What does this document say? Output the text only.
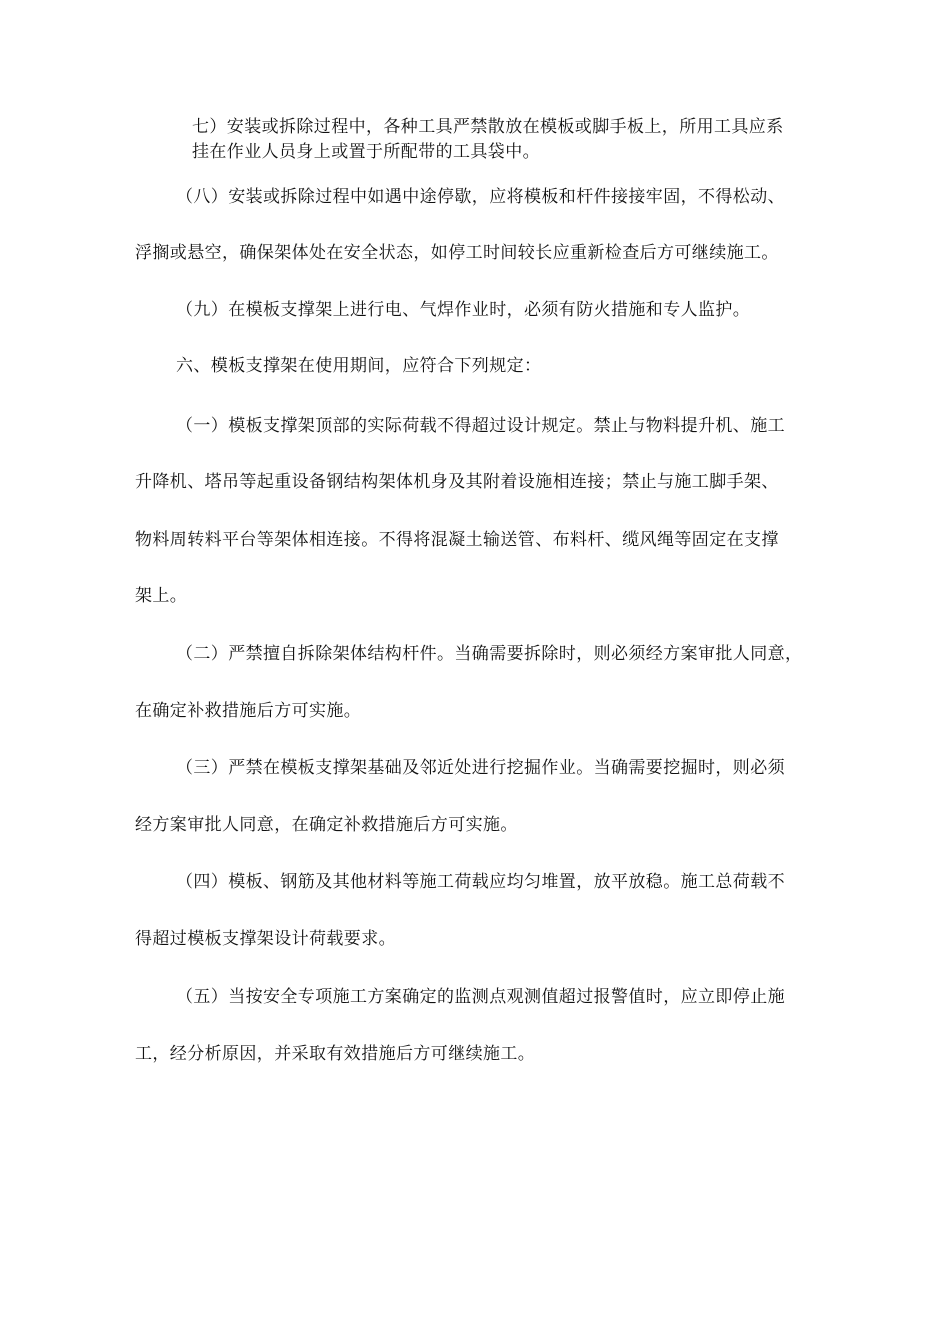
七）安装或拆除过程中，各种工具严禁散放在模板或脚手板上，所用工具应系
挂在作业人员身上或置于所配带的工具袋中。
（八）安装或拆除过程中如遇中途停歇，应将模板和杆件接接牢固，不得松动、
浮搁或悬空，确保架体处在安全状态，如停工时间较长应重新检查后方可继续施工。
（九）在模板支撑架上进行电、气焊作业时，必须有防火措施和专人监护。
六、模板支撑架在使用期间，应符合下列规定：
（一）模板支撑架顶部的实际荷载不得超过设计规定。禁止与物料提升机、施工
升降机、塔吊等起重设备钢结构架体机身及其附着设施相连接；禁止与施工脚手架、
物料周转料平台等架体相连接。不得将混凝土输送管、布料杆、缆风绳等固定在支撑
架上。
（二）严禁擅自拆除架体结构杆件。当确需要拆除时，则必须经方案审批人同意，
在确定补救措施后方可实施。
（三）严禁在模板支撑架基础及邻近处进行挖掘作业。当确需要挖掘时，则必须
经方案审批人同意，在确定补救措施后方可实施。
（四）模板、钢筋及其他材料等施工荷载应均匀堆置，放平放稳。施工总荷载不
得超过模板支撑架设计荷载要求。
（五）当按安全专项施工方案确定的监测点观测值超过报警值时，应立即停止施
工，经分析原因，并采取有效措施后方可继续施工。
